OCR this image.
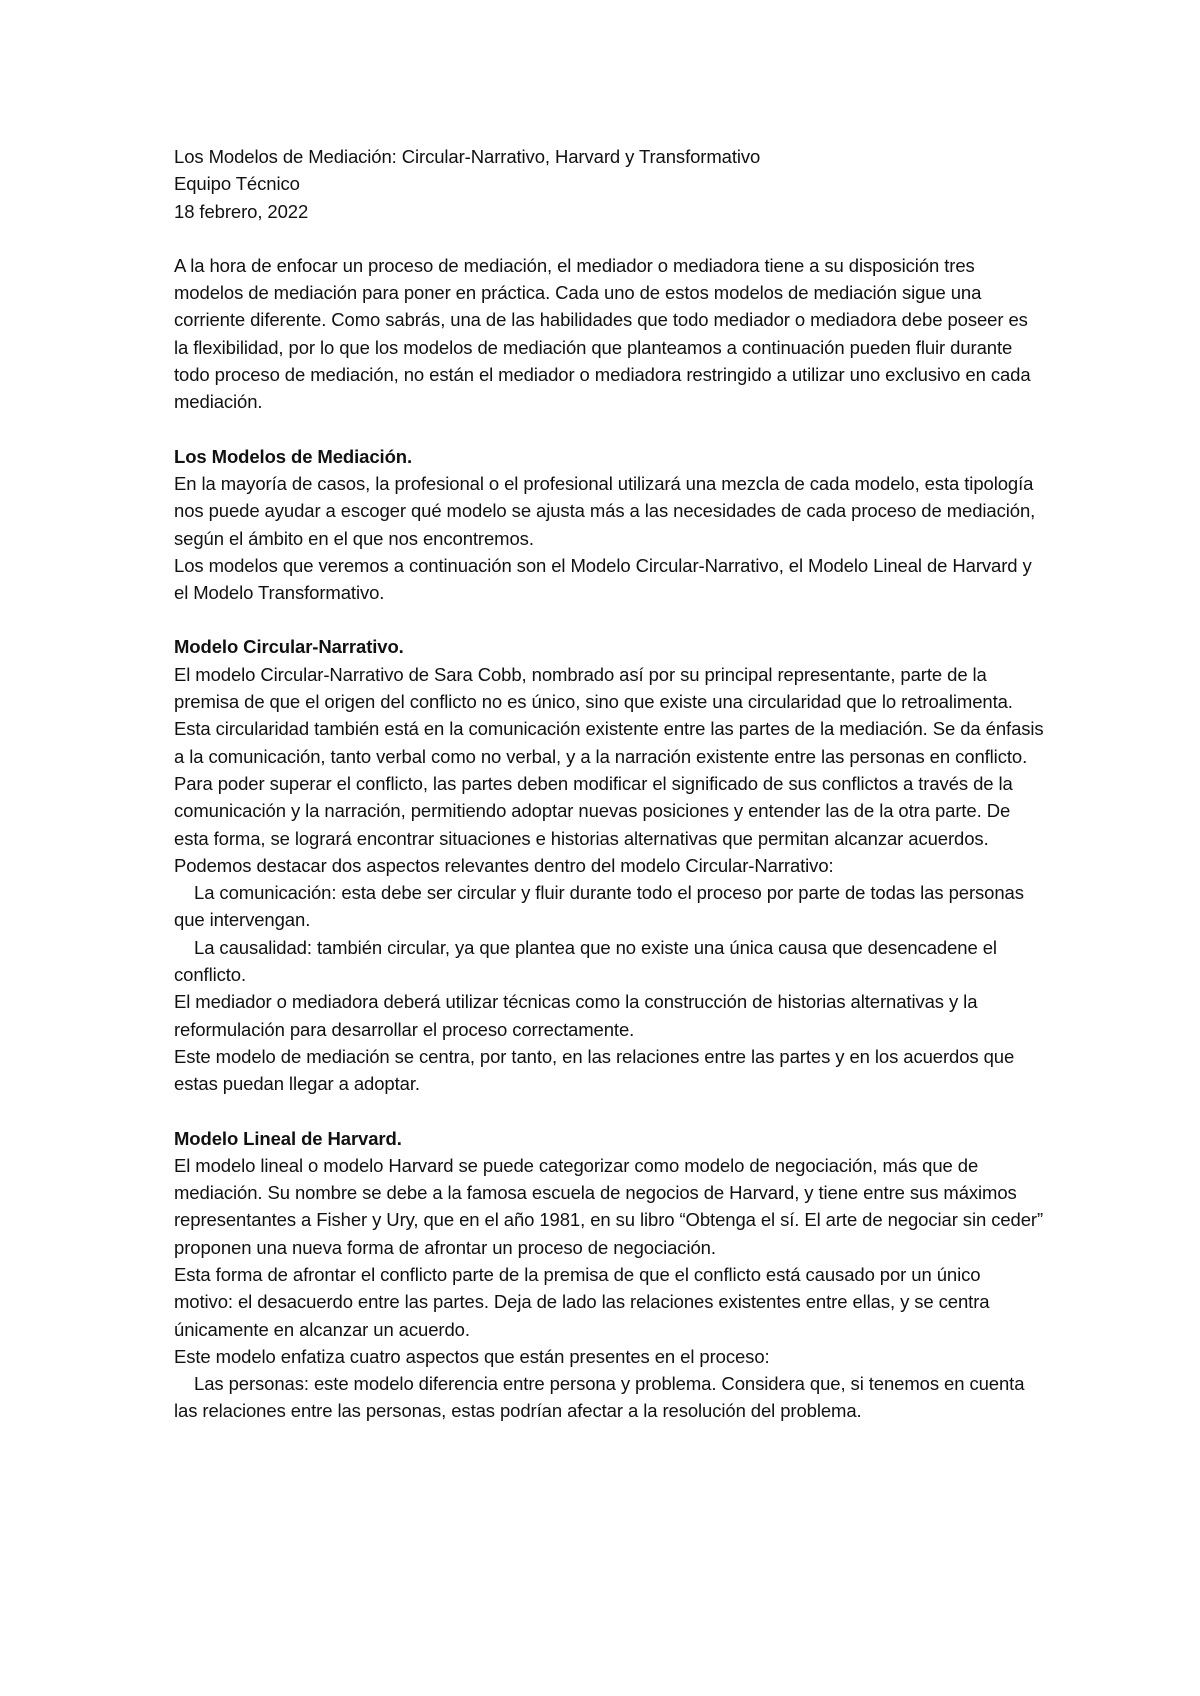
Los Modelos de Mediación: Circular-Narrativo, Harvard y Transformativo

Equipo Técnico

18 febrero, 2022

A la hora de enfocar un proceso de mediación, el mediador o mediadora tiene a su disposición tres modelos de mediación para poner en práctica. Cada uno de estos modelos de mediación sigue una corriente diferente. Como sabrás, una de las habilidades que todo mediador o mediadora debe poseer es la flexibilidad, por lo que los modelos de mediación que planteamos a continuación pueden fluir durante todo proceso de mediación, no están el mediador o mediadora restringido a utilizar uno exclusivo en cada mediación.

Los Modelos de Mediación.

En la mayoría de casos, la profesional o el profesional utilizará una mezcla de cada modelo, esta tipología nos puede ayudar a escoger qué modelo se ajusta más a las necesidades de cada proceso de mediación, según el ámbito en el que nos encontremos.

Los modelos que veremos a continuación son el Modelo Circular-Narrativo, el Modelo Lineal de Harvard y el Modelo Transformativo.

Modelo Circular-Narrativo.

El modelo Circular-Narrativo de Sara Cobb, nombrado así por su principal representante, parte de la premisa de que el origen del conflicto no es único, sino que existe una circularidad que lo retroalimenta. Esta circularidad también está en la comunicación existente entre las partes de la mediación. Se da énfasis a la comunicación, tanto verbal como no verbal, y a la narración existente entre las personas en conflicto.

Para poder superar el conflicto, las partes deben modificar el significado de sus conflictos a través de la comunicación y la narración, permitiendo adoptar nuevas posiciones y entender las de la otra parte. De esta forma, se logrará encontrar situaciones e historias alternativas que permitan alcanzar acuerdos.

Podemos destacar dos aspectos relevantes dentro del modelo Circular-Narrativo:

La comunicación: esta debe ser circular y fluir durante todo el proceso por parte de todas las personas que intervengan.

La causalidad: también circular, ya que plantea que no existe una única causa que desencadene el conflicto.

El mediador o mediadora deberá utilizar técnicas como la construcción de historias alternativas y la reformulación para desarrollar el proceso correctamente.

Este modelo de mediación se centra, por tanto, en las relaciones entre las partes y en los acuerdos que estas puedan llegar a adoptar.

Modelo Lineal de Harvard.

El modelo lineal o modelo Harvard se puede categorizar como modelo de negociación, más que de mediación. Su nombre se debe a la famosa escuela de negocios de Harvard, y tiene entre sus máximos representantes a Fisher y Ury, que en el año 1981, en su libro “Obtenga el sí. El arte de negociar sin ceder” proponen una nueva forma de afrontar un proceso de negociación.

Esta forma de afrontar el conflicto parte de la premisa de que el conflicto está causado por un único motivo: el desacuerdo entre las partes. Deja de lado las relaciones existentes entre ellas, y se centra únicamente en alcanzar un acuerdo.

Este modelo enfatiza cuatro aspectos que están presentes en el proceso:

Las personas: este modelo diferencia entre persona y problema. Considera que, si tenemos en cuenta las relaciones entre las personas, estas podrían afectar a la resolución del problema.
